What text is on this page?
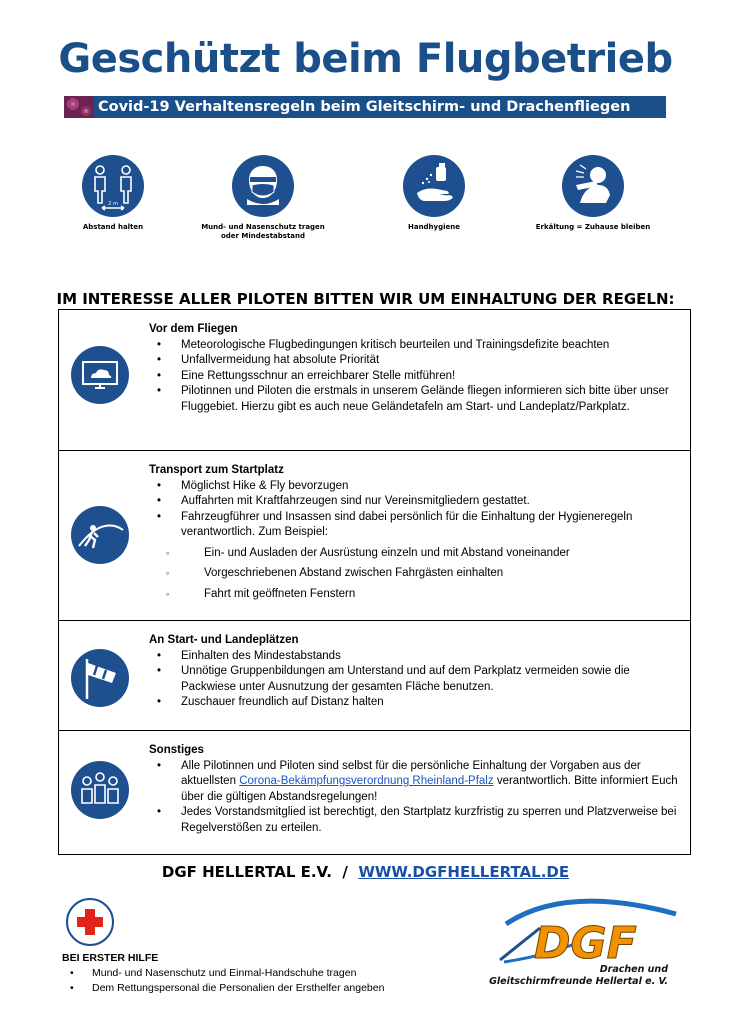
Geschützt beim Flugbetrieb
Covid-19 Verhaltensregeln beim Gleitschirm- und Drachenfliegen
2 m
Abstand halten	Mund- und Nasenschutz tragen
oder Mindestabstand
Handhygiene	Erkältung = Zuhause bleiben
IM INTERESSE ALLER PILOTEN BITTEN WIR UM EINHALTUNG DER REGELN:
Vor dem Fliegen
• Meteorologische Flugbedingungen kritisch beurteilen und Trainingsdefizite beachten
• Unfallvermeidung hat absolute Priorität
• Eine Rettungsschnur an erreichbarer Stelle mitführen!
• Pilotinnen und Piloten die erstmals in unserem Gelände fliegen informieren sich bitte über unser Fluggebiet. Hierzu gibt es auch neue Geländetafeln am Start- und Landeplatz/Parkplatz.
Transport zum Startplatz
• Möglichst Hike & Fly bevorzugen
• Auffahrten mit Kraftfahrzeugen sind nur Vereinsmitgliedern gestattet.
• Fahrzeugführer und Insassen sind dabei persönlich für die Einhaltung der Hygieneregeln verantwortlich. Zum Beispiel:
◦ Ein- und Ausladen der Ausrüstung einzeln und mit Abstand voneinander
◦ Vorgeschriebenen Abstand zwischen Fahrgästen einhalten
◦ Fahrt mit geöffneten Fenstern
An Start- und Landeplätzen
• Einhalten des Mindestabstands
• Unnötige Gruppenbildungen am Unterstand und auf dem Parkplatz vermeiden sowie die Packwiese unter Ausnutzung der gesamten Fläche benutzen.
• Zuschauer freundlich auf Distanz halten
Sonstiges
• Alle Pilotinnen und Piloten sind selbst für die persönliche Einhaltung der Vorgaben aus der aktuellsten Corona-Bekämpfungsverordnung Rheinland-Pfalz verantwortlich. Bitte informiert Euch über die gültigen Abstandsregelungen!
• Jedes Vorstandsmitglied ist berechtigt, den Startplatz kurzfristig zu sperren und Platzverweise bei Regelverstößen zu erteilen.
DGF HELLERTAL E.V. / WWW.DGFHELLERTAL.DE
BEI ERSTER HILFE
• Mund- und Nasenschutz und Einmal-Handschuhe tragen
• Dem Rettungspersonal die Personalien der Ersthelfer angeben
DGF
Drachen und
Gleitschirmfreunde Hellertal e. V.
